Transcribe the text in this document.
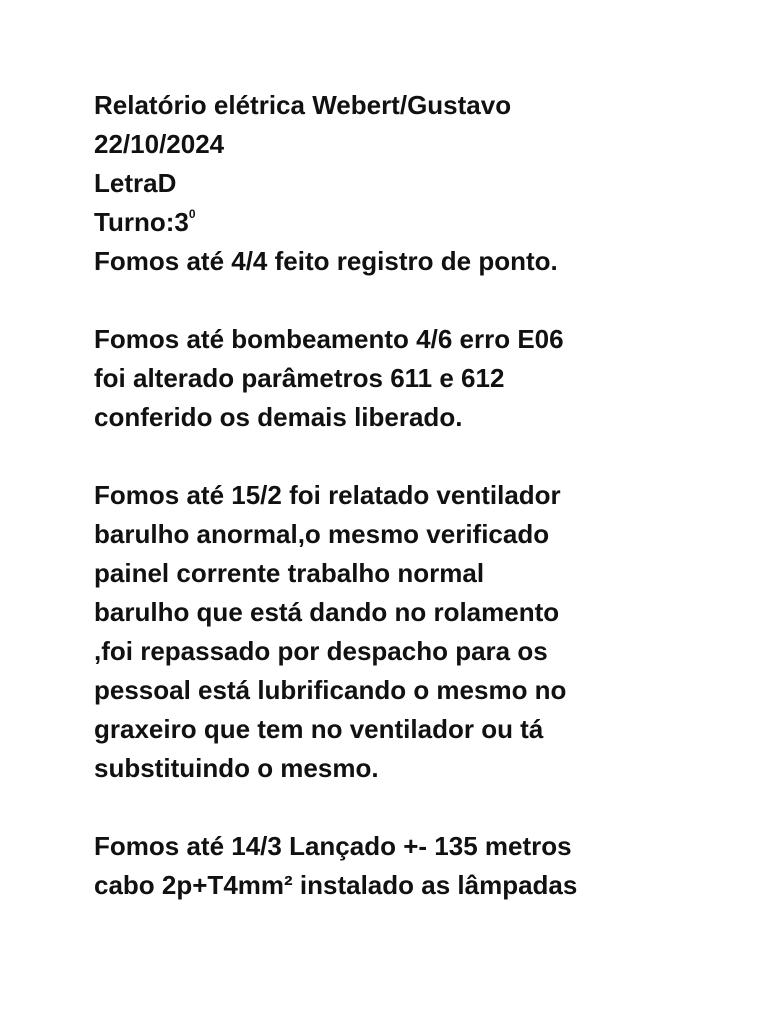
Relatório elétrica Webert/Gustavo
22/10/2024
LetraD
$Turno:3^0$
Fomos até 4/4 feito registro de ponto.
Fomos até bombeamento 4/6 erro E06
foi alterado parâmetros 611 e 612
conferido os demais liberado.
Fomos até 15/2 foi relatado ventilador
barulho anormal,o mesmo verificado
painel corrente trabalho normal
barulho que está dando no rolamento
,foi repassado por despacho para os
pessoal está lubrificando o mesmo no
graxeiro que tem no ventilador ou tá
substituindo o mesmo.
Fomos até 14/3 Lançado +- 135 metros
cabo 2p+T4mm² instalado as lâmpadas
